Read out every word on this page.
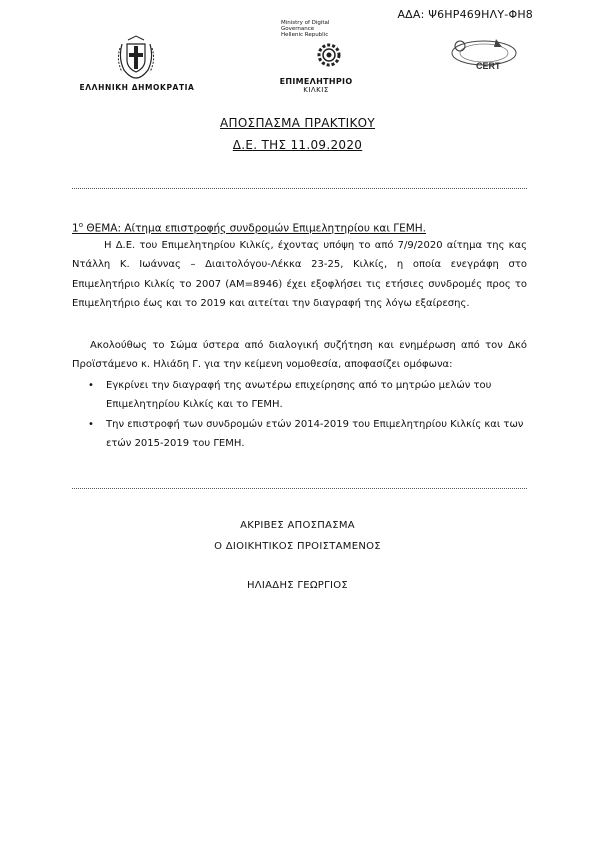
ΑΔΑ: Ψ6ΗΡ469ΗΛΥ-ΦΗ8
ΕΛΛΗΝΙΚΗ ΔΗΜΟΚΡΑΤΙΑ
Ministry of Digital
Governance
Hellenic Republic
ΕΠΙΜΕΛΗΤΗΡΙΟ
ΚΙΛΚΙΣ
CERT
ΑΠΟΣΠΑΣΜΑ ΠΡΑΚΤΙΚΟΥ
Δ.Ε. ΤΗΣ 11.09.2020
$1^o$ ΘΕΜΑ: Αίτημα επιστροφής συνδρομών Επιμελητηρίου και ΓΕΜΗ.
Η Δ.Ε. του Επιμελητηρίου Κιλκίς, έχοντας υπόψη το από 7/9/2020 αίτημα της κας Ντάλλη Κ. Ιωάννας – Διαιτολόγου-Λέκκα 23-25, Κιλκίς, η οποία ενεγράφη στο Επιμελητήριο Κιλκίς το 2007 (ΑΜ=8946) έχει εξοφλήσει τις ετήσιες συνδρομές προς το Επιμελητήριο έως και το 2019 και αιτείται την διαγραφή της λόγω εξαίρεσης.
Ακολούθως το Σώμα ύστερα από διαλογική συζήτηση και ενημέρωση από τον Δκό Προϊστάμενο κ. Ηλιάδη Γ. για την κείμενη νομοθεσία, αποφασίζει ομόφωνα:
• Εγκρίνει την διαγραφή της ανωτέρω επιχείρησης από το μητρώο μελών του Επιμελητηρίου Κιλκίς και το ΓΕΜΗ.
• Την επιστροφή των συνδρομών ετών 2014-2019 του Επιμελητηρίου Κιλκίς και των ετών 2015-2019 του ΓΕΜΗ.
ΑΚΡΙΒΕΣ ΑΠΟΣΠΑΣΜΑ
Ο ΔΙΟΙΚΗΤΙΚΟΣ ΠΡΟΙΣΤΑΜΕΝΟΣ
ΗΛΙΑΔΗΣ ΓΕΩΡΓΙΟΣ
